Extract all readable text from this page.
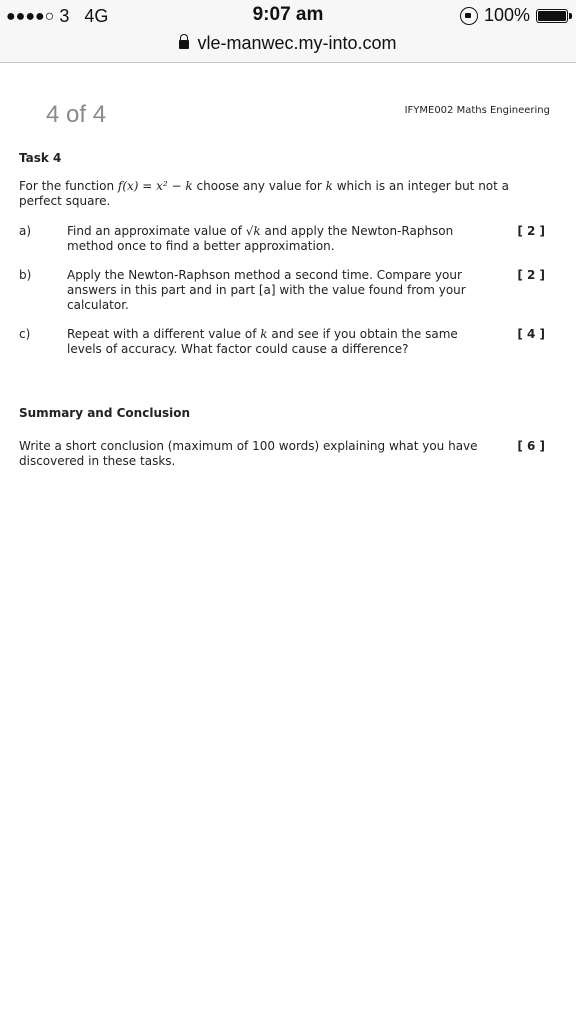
●●●●○ 3 4G	9:07 am	100%
vle-manwec.my-into.com
4 of 4	IFYME002 Maths Engineering
Task 4
For the function f(x) = x² − k choose any value for k which is an integer but not a perfect square.
a)	Find an approximate value of √k and apply the Newton-Raphson method once to find a better approximation.
[ 2 ]
b)	Apply the Newton-Raphson method a second time. Compare your answers in this part and in part [a] with the value found from your calculator.
[ 2 ]
c)	Repeat with a different value of k and see if you obtain the same levels of accuracy. What factor could cause a difference?
[ 4 ]
Summary and Conclusion
Write a short conclusion (maximum of 100 words) explaining what you have discovered in these tasks.
[ 6 ]
